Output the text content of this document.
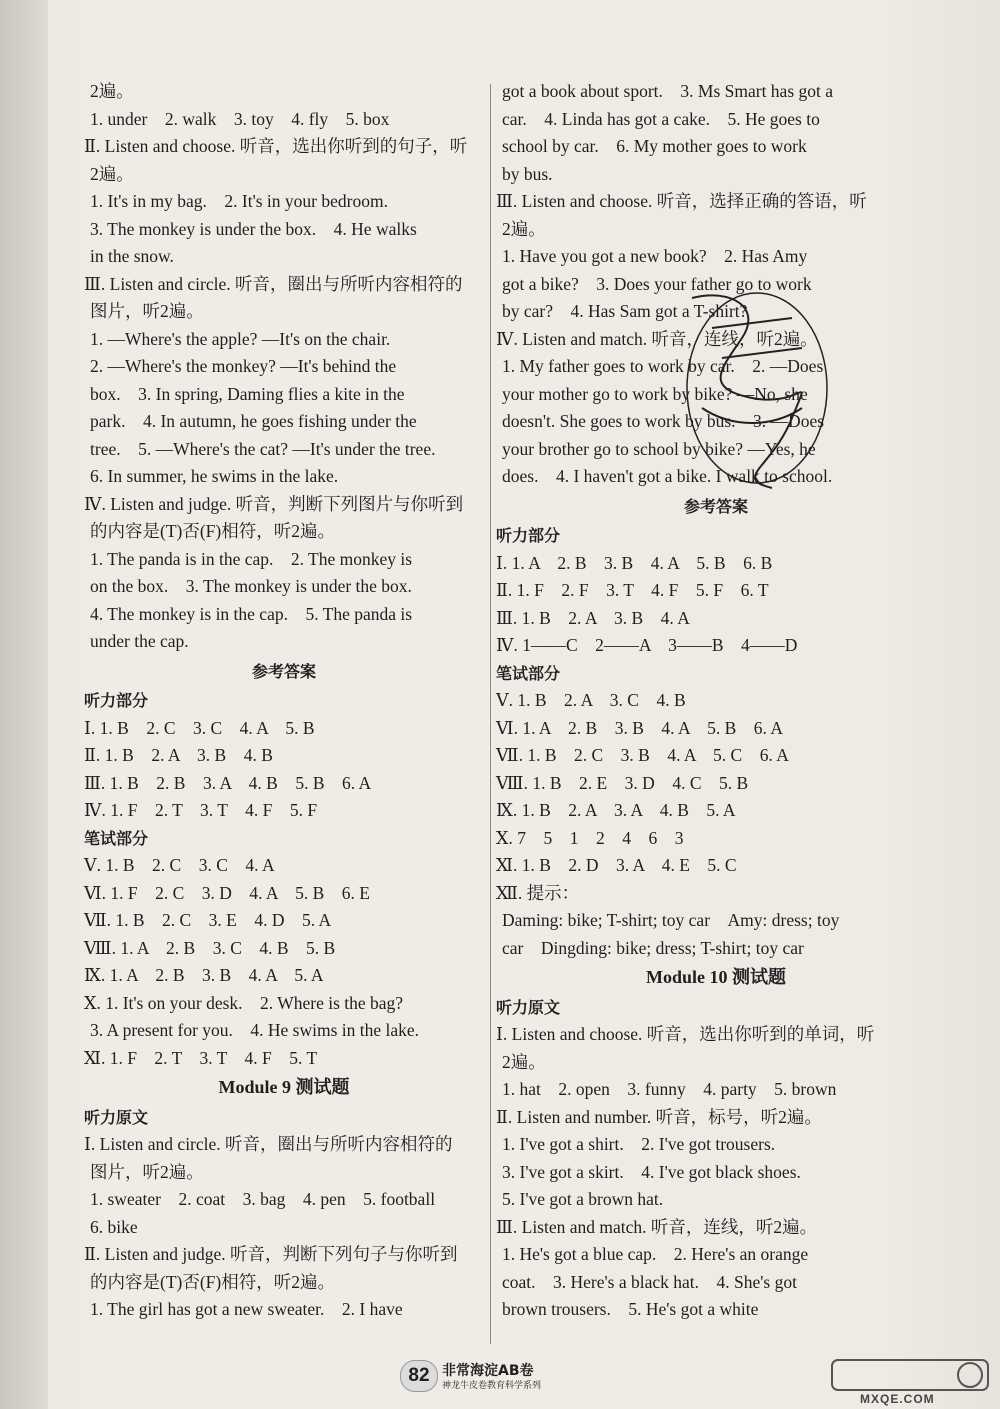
2遍。
1. under　2. walk　3. toy　4. fly　5. box
Ⅱ. Listen and choose. 听音，选出你听到的句子，听
2遍。
1. It's in my bag.　2. It's in your bedroom.
3. The monkey is under the box.　4. He walks
in the snow.
Ⅲ. Listen and circle. 听音，圈出与所听内容相符的
图片，听2遍。
1. —Where's the apple? —It's on the chair.
2. —Where's the monkey? —It's behind the
box.　3. In spring, Daming flies a kite in the
park.　4. In autumn, he goes fishing under the
tree.　5. —Where's the cat? —It's under the tree.
6. In summer, he swims in the lake.
Ⅳ. Listen and judge. 听音，判断下列图片与你听到
的内容是(T)否(F)相符，听2遍。
1. The panda is in the cap.　2. The monkey is
on the box.　3. The monkey is under the box.
4. The monkey is in the cap.　5. The panda is
under the cap.
参考答案
听力部分
Ⅰ. 1. B　2. C　3. C　4. A　5. B
Ⅱ. 1. B　2. A　3. B　4. B
Ⅲ. 1. B　2. B　3. A　4. B　5. B　6. A
Ⅳ. 1. F　2. T　3. T　4. F　5. F
笔试部分
Ⅴ. 1. B　2. C　3. C　4. A
Ⅵ. 1. F　2. C　3. D　4. A　5. B　6. E
Ⅶ. 1. B　2. C　3. E　4. D　5. A
Ⅷ. 1. A　2. B　3. C　4. B　5. B
Ⅸ. 1. A　2. B　3. B　4. A　5. A
Ⅹ. 1. It's on your desk.　2. Where is the bag?
3. A present for you.　4. He swims in the lake.
Ⅺ. 1. F　2. T　3. T　4. F　5. T
Module 9 测试题
听力原文
Ⅰ. Listen and circle. 听音，圈出与所听内容相符的
图片，听2遍。
1. sweater　2. coat　3. bag　4. pen　5. football
6. bike
Ⅱ. Listen and judge. 听音，判断下列句子与你听到
的内容是(T)否(F)相符，听2遍。
1. The girl has got a new sweater.　2. I have
got a book about sport.　3. Ms Smart has got a
car.　4. Linda has got a cake.　5. He goes to
school by car.　6. My mother goes to work
by bus.
Ⅲ. Listen and choose. 听音，选择正确的答语，听
2遍。
1. Have you got a new book?　2. Has Amy
got a bike?　3. Does your father go to work
by car?　4. Has Sam got a T-shirt?
Ⅳ. Listen and match. 听音，连线，听2遍。
1. My father goes to work by car.　2. —Does
your mother go to work by bike? —No, she
doesn't. She goes to work by bus.　3. —Does
your brother go to school by bike? —Yes, he
does.　4. I haven't got a bike. I walk to school.
参考答案
听力部分
Ⅰ. 1. A　2. B　3. B　4. A　5. B　6. B
Ⅱ. 1. F　2. F　3. T　4. F　5. F　6. T
Ⅲ. 1. B　2. A　3. B　4. A
Ⅳ. 1——C　2——A　3——B　4——D
笔试部分
Ⅴ. 1. B　2. A　3. C　4. B
Ⅵ. 1. A　2. B　3. B　4. A　5. B　6. A
Ⅶ. 1. B　2. C　3. B　4. A　5. C　6. A
Ⅷ. 1. B　2. E　3. D　4. C　5. B
Ⅸ. 1. B　2. A　3. A　4. B　5. A
Ⅹ. 7　5　1　2　4　6　3
Ⅺ. 1. B　2. D　3. A　4. E　5. C
Ⅻ. 提示：
Daming: bike; T-shirt; toy car　Amy: dress; toy
car　Dingding: bike; dress; T-shirt; toy car
Module 10 测试题
听力原文
Ⅰ. Listen and choose. 听音，选出你听到的单词，听
2遍。
1. hat　2. open　3. funny　4. party　5. brown
Ⅱ. Listen and number. 听音，标号，听2遍。
1. I've got a shirt.　2. I've got trousers.
3. I've got a skirt.　4. I've got black shoes.
5. I've got a brown hat.
Ⅲ. Listen and match. 听音，连线，听2遍。
1. He's got a blue cap.　2. Here's an orange
coat.　3. Here's a black hat.　4. She's got
brown trousers.　5. He's got a white
82 非常海淀AB卷
神龙牛皮卷教育科学系列
MXQE.COM
